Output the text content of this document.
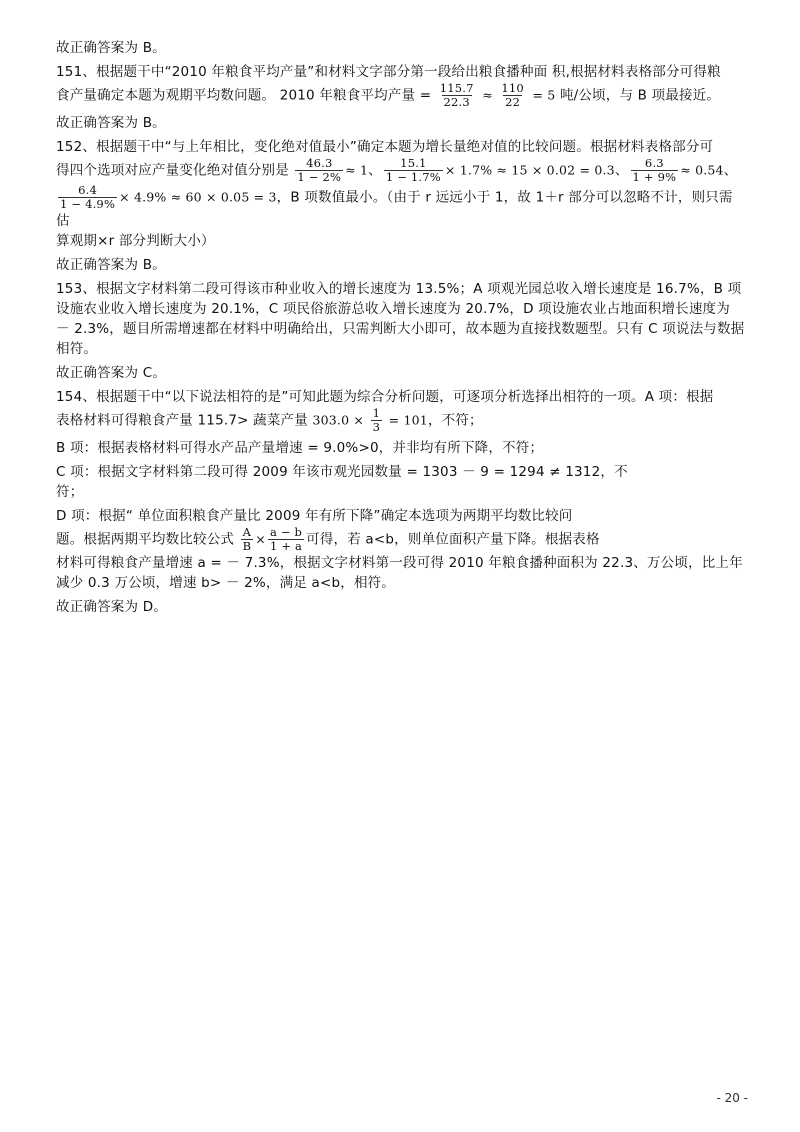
故正确答案为 B。

151、根据题干中“2010 年粮食平均产量”和材料文字部分第一段给出粮食播种面 积,根据材料表格部分可得粮
食产量确定本题为观期平均数问题。 2010 年粮食平均产量 = $\frac{115.7}{22.3} \approx \frac{110}{22} = 5$ 吨/公顷，与 B 项最接近。

故正确答案为 B。

152、根据题干中“与上年相比，变化绝对值最小”确定本题为增长量绝对值的比较问题。根据材料表格部分可
得四个选项对应产量变化绝对值分别是 $\frac{46.3}{1 - 2\%} \approx 1$、 $\frac{15.1}{1 - 1.7\%} \times 1.7\% \approx 15 \times 0.02 = 0.3$、 $\frac{6.3}{1 + 9\%} \approx 0.54$、

$\frac{6.4}{1 - 4.9\%} \times 4.9\% \approx 60 \times 0.05 = 3$，B 项数值最小。（由于 r 远远小于 1，故 1＋r 部分可以忽略不计，则只需估
算观期×r 部分判断大小）

故正确答案为 B。

153、根据文字材料第二段可得该市种业收入的增长速度为 13.5%；A 项观光园总收入增长速度是 16.7%，B 项设施农业收入增长速度为 20.1%，C 项民俗旅游总收入增长速度为 20.7%，D 项设施农业占地面积增长速度为 － 2.3%，题目所需增速都在材料中明确给出，只需判断大小即可，故本题为直接找数题型。只有 C 项说法与数据相符。

故正确答案为 C。

154、根据题干中“以下说法相符的是”可知此题为综合分析问题，可逐项分析选择出相符的一项。A 项：根据
表格材料可得粮食产量 115.7> 蔬菜产量 $303.0 \times \frac{1}{3} = 101$，不符；

B 项：根据表格材料可得水产品产量增速 = 9.0%>0，并非均有所下降，不符；

C 项：根据文字材料第二段可得 2009 年该市观光园数量 = 1303 － 9 = 1294 ≠ 1312，不
符；

D 项：根据“ 单位面积粮食产量比 2009 年有所下降”确定本选项为两期平均数比较问
题。根据两期平均数比较公式 $\frac{A}{B} \times \frac{a - b}{1 + a}$ 可得，若 a<b，则单位面积产量下降。根据表格
材料可得粮食产量增速 a = － 7.3%，根据文字材料第一段可得 2010 年粮食播种面积为 22.3、万公顷，比上年减少 0.3 万公顷，增速 b> － 2%，满足 a<b，相符。

故正确答案为 D。

- 20 -
